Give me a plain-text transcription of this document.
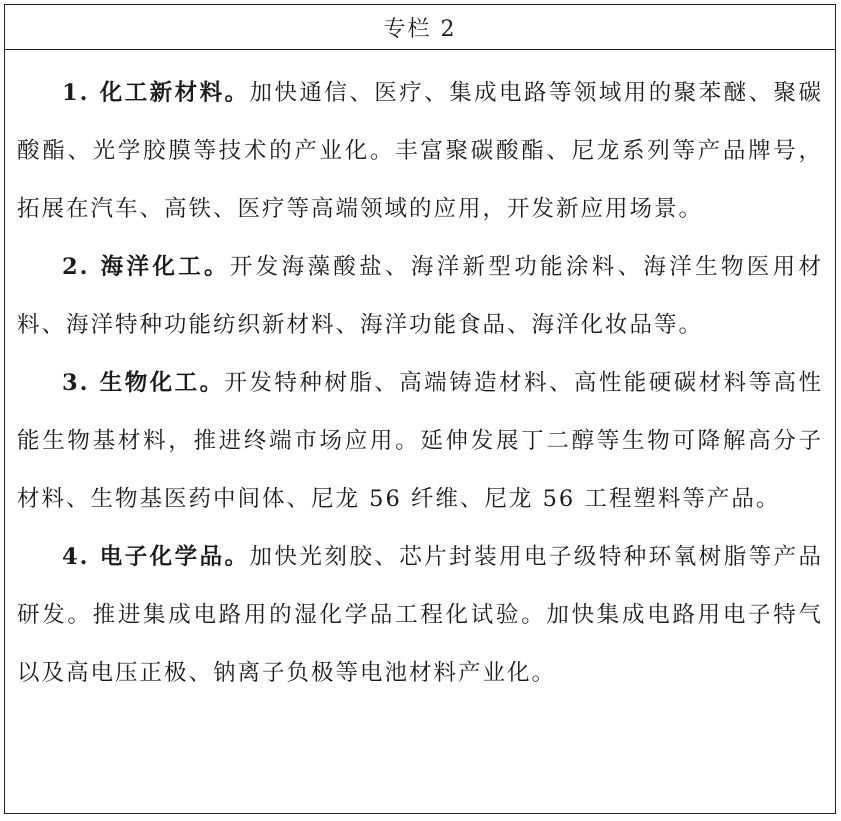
专栏 2

1. 化工新材料。加快通信、医疗、集成电路等领域用的聚苯醚、聚碳酸酯、光学胶膜等技术的产业化。丰富聚碳酸酯、尼龙系列等产品牌号，拓展在汽车、高铁、医疗等高端领域的应用，开发新应用场景。

2. 海洋化工。开发海藻酸盐、海洋新型功能涂料、海洋生物医用材料、海洋特种功能纺织新材料、海洋功能食品、海洋化妆品等。

3. 生物化工。开发特种树脂、高端铸造材料、高性能硬碳材料等高性能生物基材料，推进终端市场应用。延伸发展丁二醇等生物可降解高分子材料、生物基医药中间体、尼龙 56 纤维、尼龙 56 工程塑料等产品。

4. 电子化学品。加快光刻胶、芯片封装用电子级特种环氧树脂等产品研发。推进集成电路用的湿化学品工程化试验。加快集成电路用电子特气以及高电压正极、钠离子负极等电池材料产业化。
